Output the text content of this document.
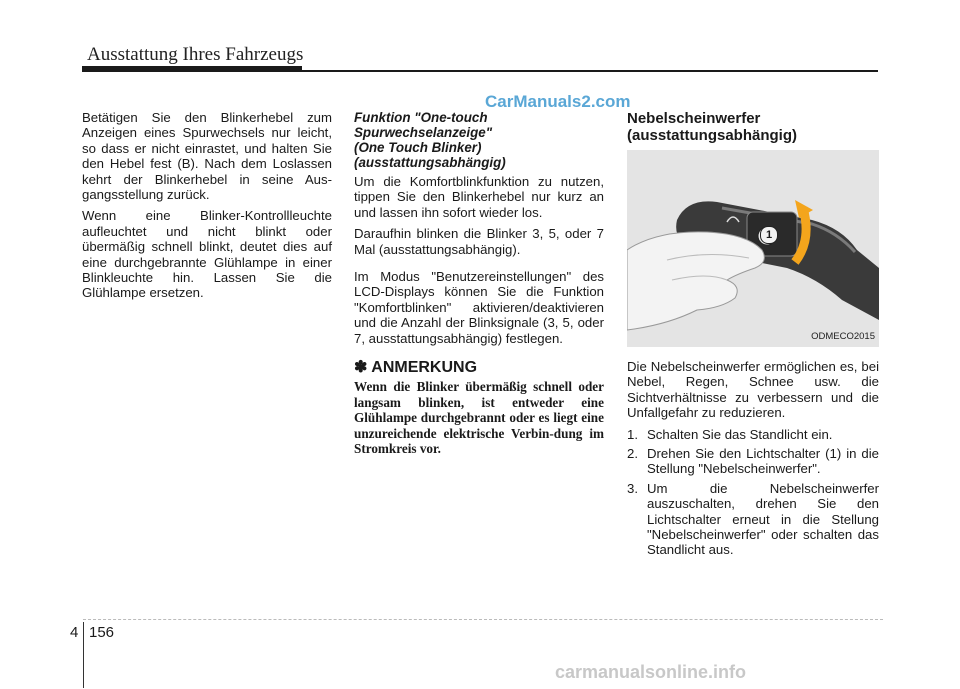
Ausstattung Ihres Fahrzeugs
CarManuals2.com

Betätigen Sie den Blinkerhebel zum Anzeigen eines Spurwechsels nur leicht, so dass er nicht einrastet, und halten Sie den Hebel fest (B). Nach dem Loslassen kehrt der Blinkerhebel in seine Aus-gangsstellung zurück.

Wenn eine Blinker-Kontrollleuchte aufleuchtet und nicht blinkt oder übermäßig schnell blinkt, deutet dies auf eine durchgebrannte Glühlampe in einer Blinkleuchte hin. Lassen Sie die Glühlampe ersetzen.

Funktion "One-touch Spurwechselanzeige"
(One Touch Blinker)
(ausstattungsabhängig)

Um die Komfortblinkfunktion zu nutzen, tippen Sie den Blinkerhebel nur kurz an und lassen ihn sofort wieder los.

Daraufhin blinken die Blinker 3, 5, oder 7 Mal (ausstattungsabhängig).

Im Modus "Benutzereinstellungen" des LCD-Displays können Sie die Funktion "Komfortblinken" aktivieren/deaktivieren und die Anzahl der Blinksignale (3, 5, oder 7, ausstattungsabhängig) festlegen.

✽ ANMERKUNG
Wenn die Blinker übermäßig schnell oder langsam blinken, ist entweder eine Glühlampe durchgebrannt oder es liegt eine unzureichende elektrische Verbin-dung im Stromkreis vor.
Nebelscheinwerfer (ausstattungsabhängig)
1
ODMECO2015

Die Nebelscheinwerfer ermöglichen es, bei Nebel, Regen, Schnee usw. die Sichtverhältnisse zu verbessern und die Unfallgefahr zu reduzieren.

1. Schalten Sie das Standlicht ein.
2. Drehen Sie den Lichtschalter (1) in die Stellung "Nebelscheinwerfer".
3. Um die Nebelscheinwerfer auszuschalten, drehen Sie den Lichtschalter erneut in die Stellung "Nebelscheinwerfer" oder schalten das Standlicht aus.
4 156
carmanualsonline.info
